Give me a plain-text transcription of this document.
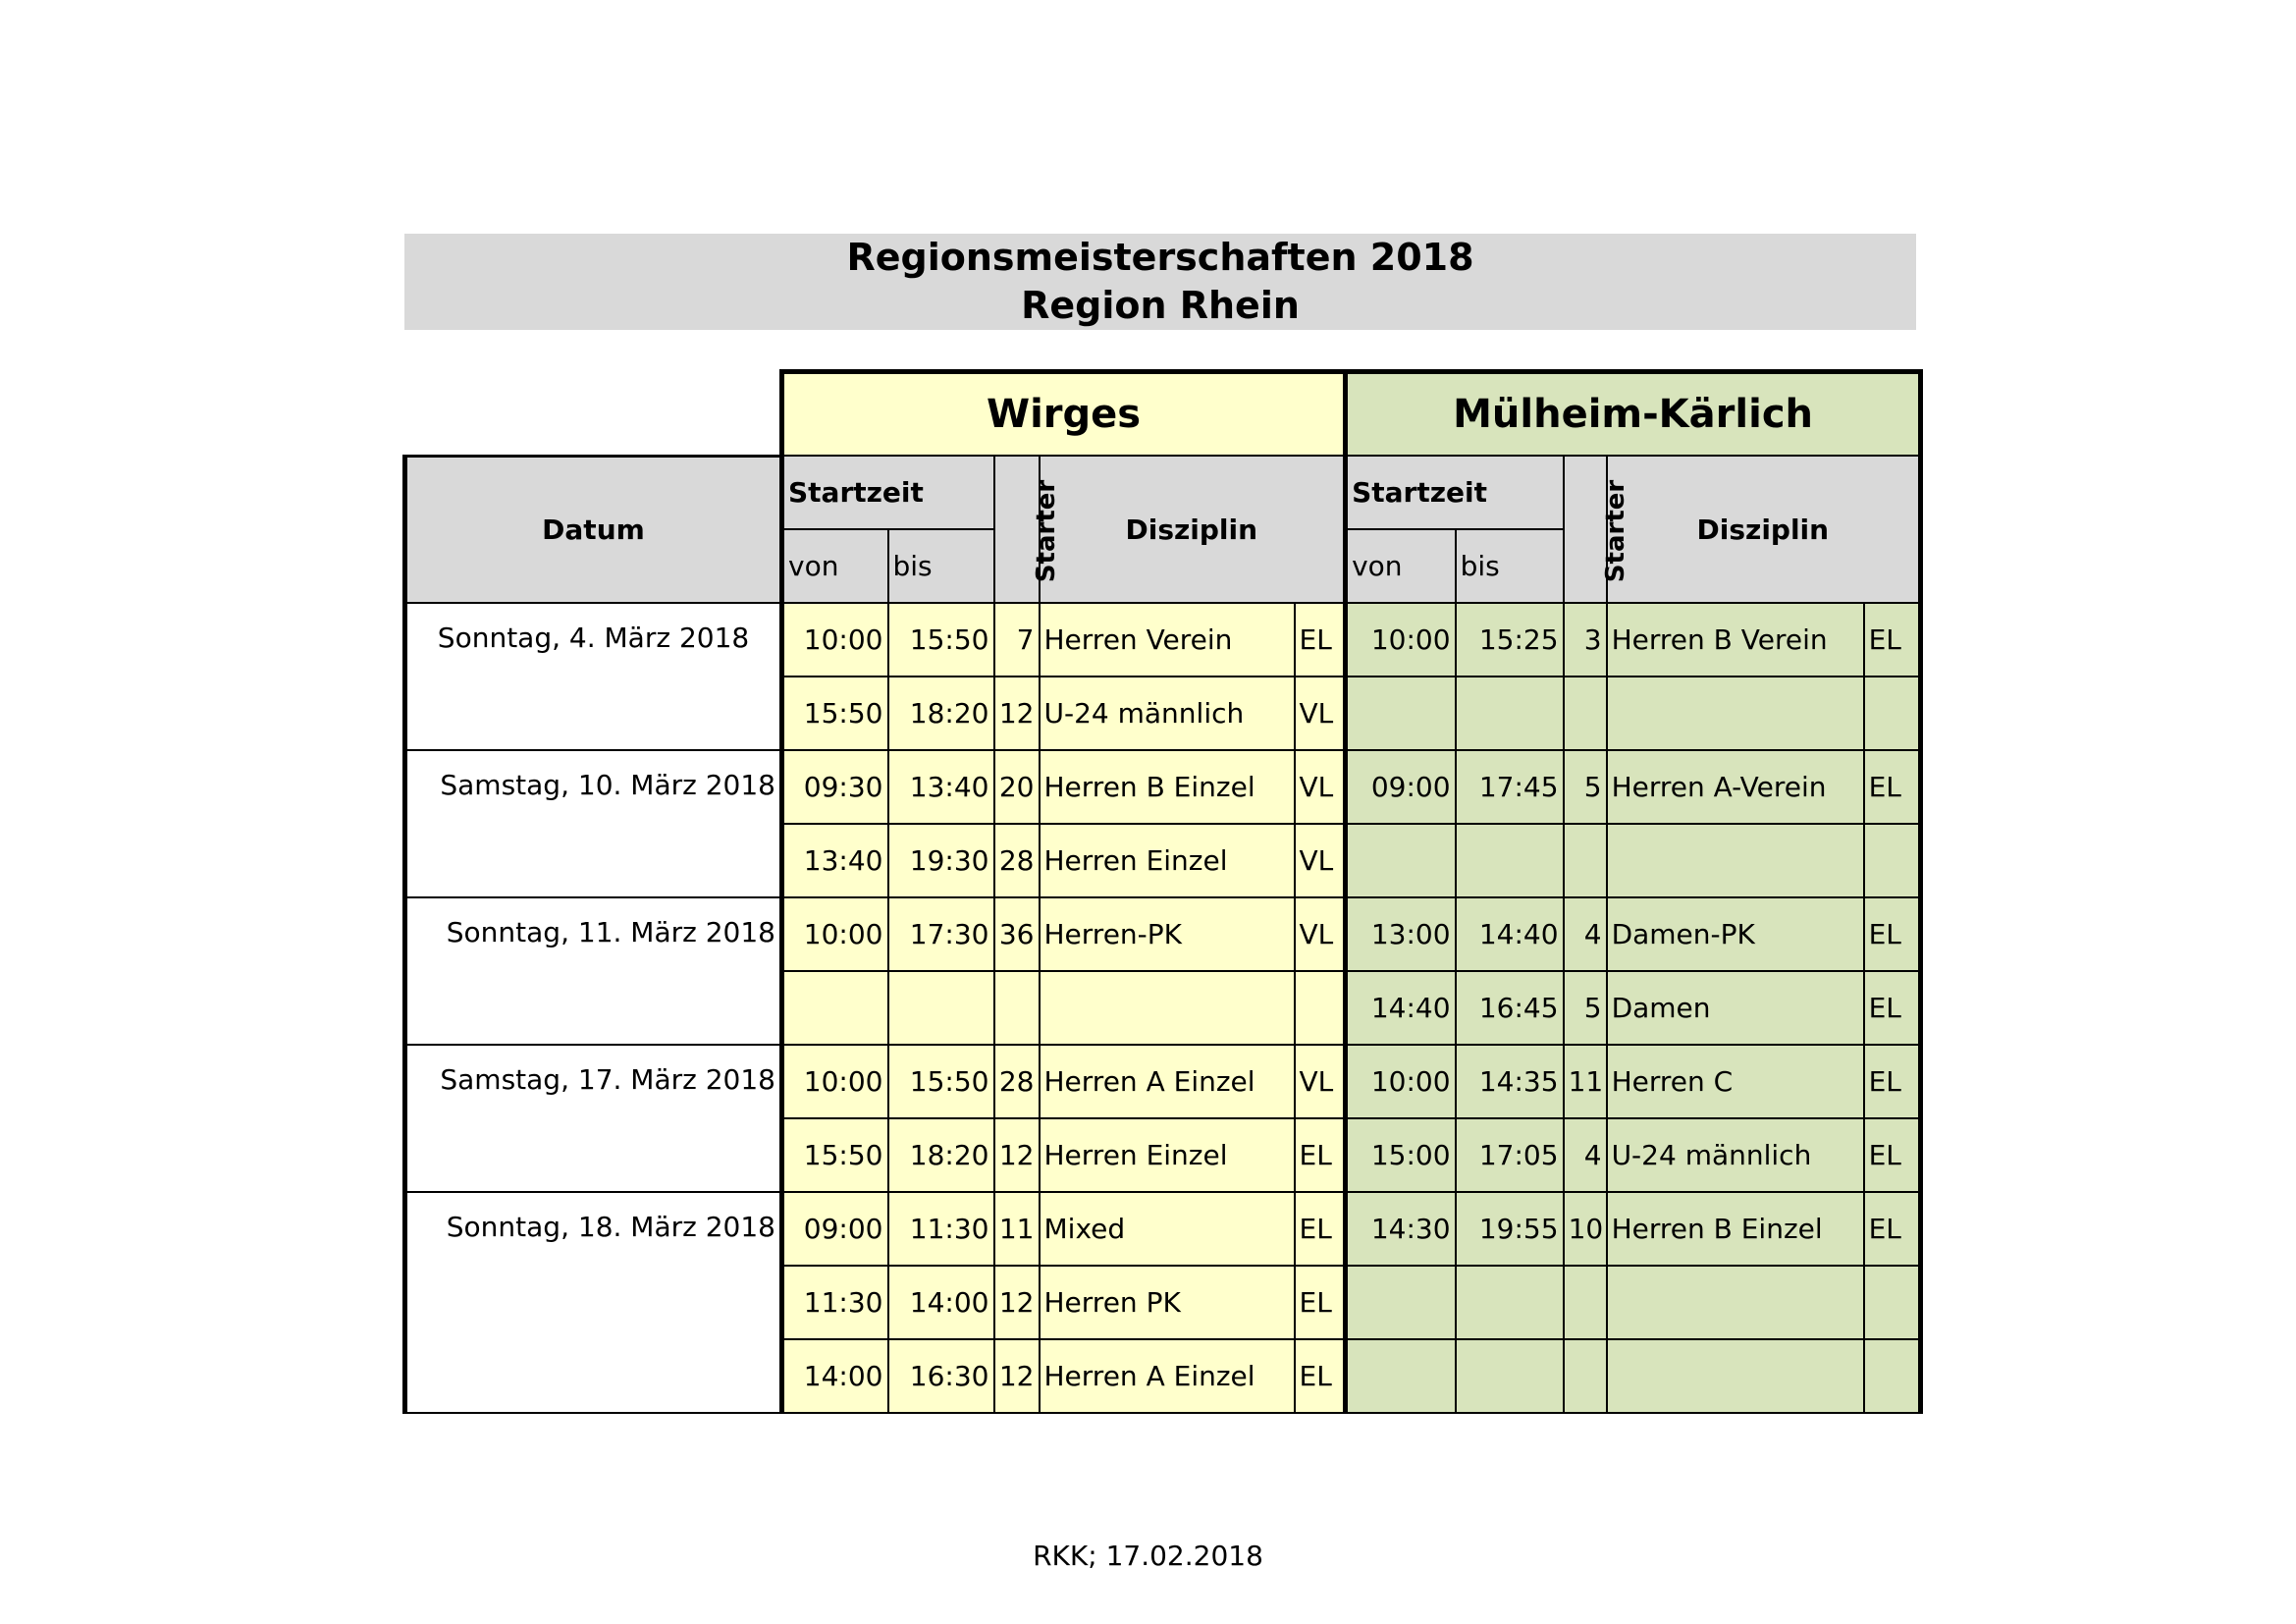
Regionsmeisterschaften 2018
Region Rhein
	Wirges					Mülheim-Kärlich				
Datum	Startzeit		Starter	Disziplin		Startzeit		Starter	Disziplin	
	von	bis				von	bis			
Sonntag, 4. März 2018	10:00	15:50	7	Herren Verein	EL	10:00	15:25	3	Herren B Verein	EL
	15:50	18:20	12	U-24 männlich	VL					
Samstag, 10. März 2018	09:30	13:40	20	Herren B Einzel	VL	09:00	17:45	5	Herren A-Verein	EL
	13:40	19:30	28	Herren Einzel	VL					
Sonntag, 11. März 2018	10:00	17:30	36	Herren-PK	VL	13:00	14:40	4	Damen-PK	EL
						14:40	16:45	5	Damen	EL
Samstag, 17. März 2018	10:00	15:50	28	Herren A Einzel	VL	10:00	14:35	11	Herren C	EL
	15:50	18:20	12	Herren Einzel	EL	15:00	17:05	4	U-24 männlich	EL
Sonntag, 18. März 2018	09:00	11:30	11	Mixed	EL	14:30	19:55	10	Herren B Einzel	EL
	11:30	14:00	12	Herren PK	EL					
	14:00	16:30	12	Herren A Einzel	EL					
RKK; 17.02.2018
